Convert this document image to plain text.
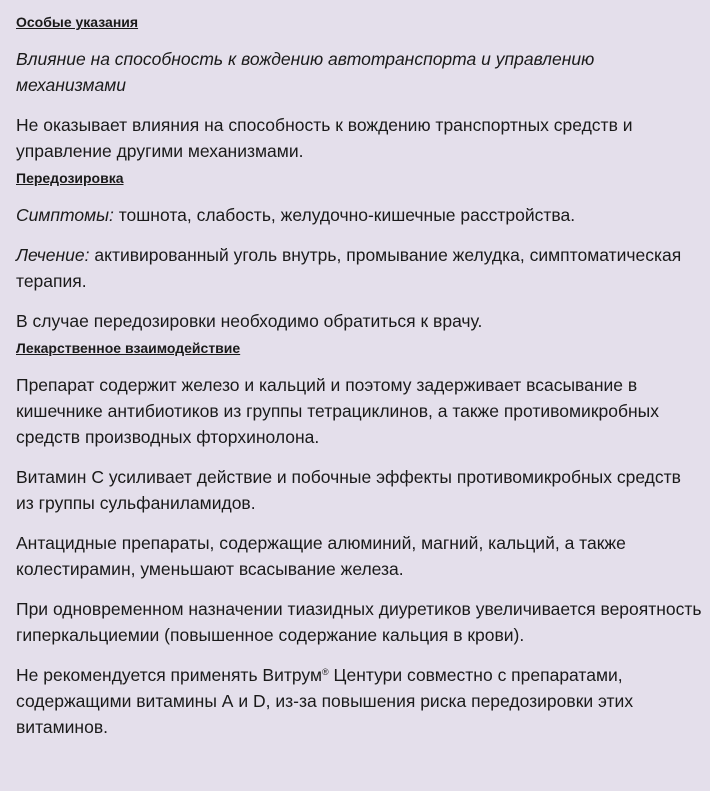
Особые указания

Влияние на способность к вождению автотранспорта и управлению механизмами

Не оказывает влияния на способность к вождению транспортных средств и управление другими механизмами.

Передозировка

Симптомы: тошнота, слабость, желудочно-кишечные расстройства.

Лечение: активированный уголь внутрь, промывание желудка, симптоматическая терапия.

В случае передозировки необходимо обратиться к врачу.

Лекарственное взаимодействие

Препарат содержит железо и кальций и поэтому задерживает всасывание в кишечнике антибиотиков из группы тетрациклинов, а также противомикробных средств производных фторхинолона.

Витамин С усиливает действие и побочные эффекты противомикробных средств из группы сульфаниламидов.

Антацидные препараты, содержащие алюминий, магний, кальций, а также колестирамин, уменьшают всасывание железа.

При одновременном назначении тиазидных диуретиков увеличивается вероятность гиперкальциемии (повышенное содержание кальция в крови).

Не рекомендуется применять Витрум® Центури совместно с препаратами, содержащими витамины А и D, из-за повышения риска передозировки этих витаминов.
